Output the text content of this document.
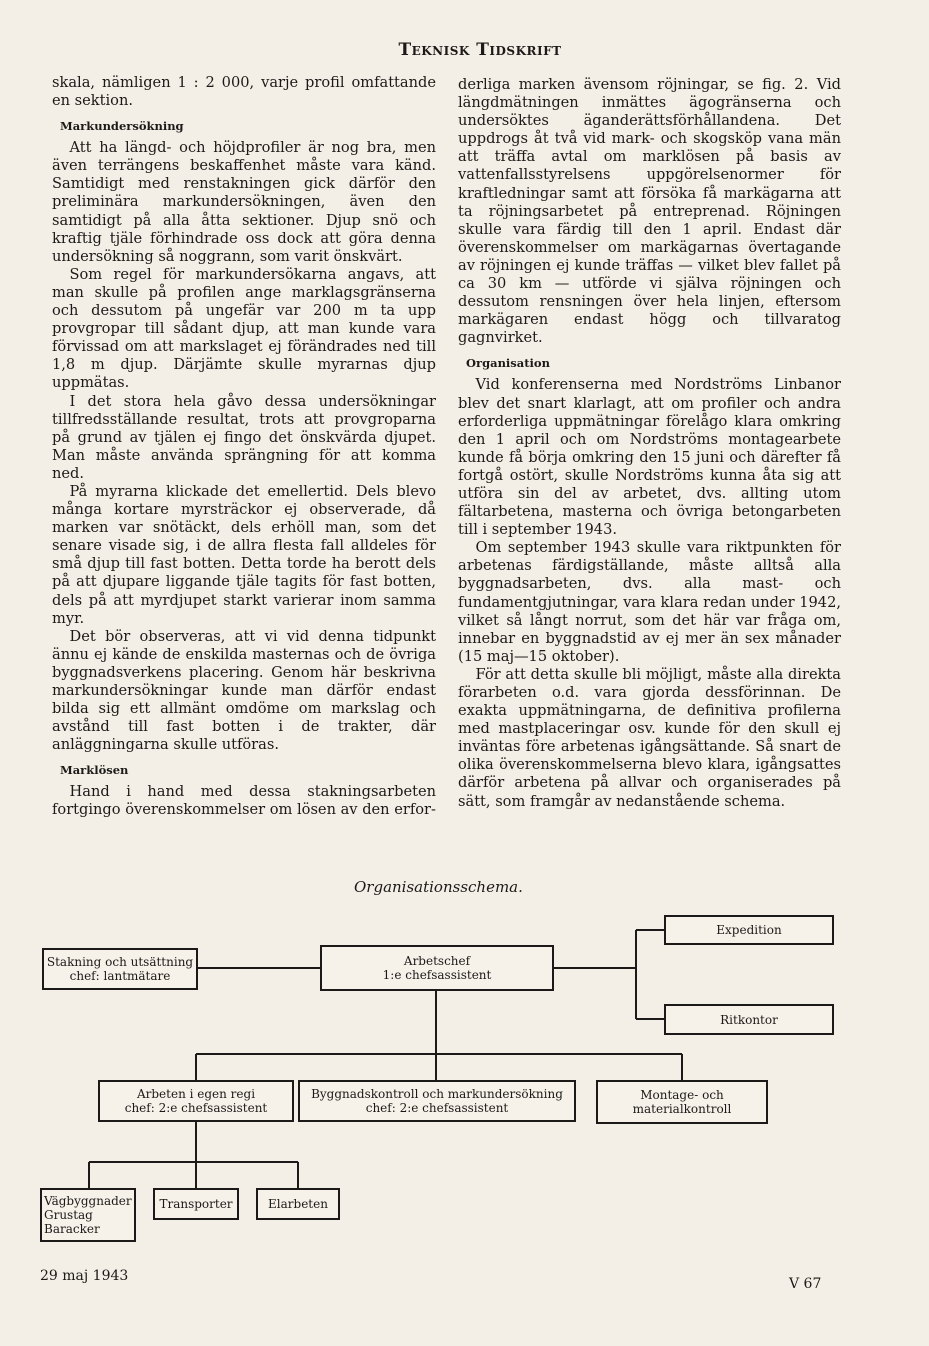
Teknisk Tidskrift

skala, nämligen 1 : 2 000, varje profil omfattande en sektion.

Markundersökning

Att ha längd- och höjdprofiler är nog bra, men även terrängens beskaffenhet måste vara känd. Samtidigt med renstakningen gick därför den preliminära markundersökningen, även den samtidigt på alla åtta sektioner. Djup snö och kraftig tjäle förhindrade oss dock att göra denna undersökning så noggrann, som varit önskvärt.

Som regel för markundersökarna angavs, att man skulle på profilen ange marklagsgränserna och dessutom på ungefär var 200 m ta upp provgropar till sådant djup, att man kunde vara förvissad om att markslaget ej förändrades ned till 1,8 m djup. Därjämte skulle myrarnas djup uppmätas.

I det stora hela gåvo dessa undersökningar tillfredsställande resultat, trots att provgroparna på grund av tjälen ej fingo det önskvärda djupet. Man måste använda sprängning för att komma ned.

På myrarna klickade det emellertid. Dels blevo många kortare myrsträckor ej observerade, då marken var snötäckt, dels erhöll man, som det senare visade sig, i de allra flesta fall alldeles för små djup till fast botten. Detta torde ha berott dels på att djupare liggande tjäle tagits för fast botten, dels på att myrdjupet starkt varierar inom samma myr.

Det bör observeras, att vi vid denna tidpunkt ännu ej kände de enskilda masternas och de övriga byggnadsverkens placering. Genom här beskrivna markundersökningar kunde man därför endast bilda sig ett allmänt omdöme om markslag och avstånd till fast botten i de trakter, där anläggningarna skulle utföras.

Marklösen

Hand i hand med dessa stakningsarbeten fortgingo överenskommelser om lösen av den erfor-

derliga marken ävensom röjningar, se fig. 2. Vid längdmätningen inmättes ägogränserna och undersöktes äganderättsförhållandena. Det uppdrogs åt två vid mark- och skogsköp vana män att träffa avtal om marklösen på basis av vattenfallsstyrelsens uppgörelsenormer för kraftledningar samt att försöka få markägarna att ta röjningsarbetet på entreprenad. Röjningen skulle vara färdig till den 1 april. Endast där överenskommelser om markägarnas övertagande av röjningen ej kunde träffas — vilket blev fallet på ca 30 km — utförde vi själva röjningen och dessutom rensningen över hela linjen, eftersom markägaren endast högg och tillvaratog gagnvirket.

Organisation

Vid konferenserna med Nordströms Linbanor blev det snart klarlagt, att om profiler och andra erforderliga uppmätningar förelågo klara omkring den 1 april och om Nordströms montagearbete kunde få börja omkring den 15 juni och därefter få fortgå ostört, skulle Nordströms kunna åta sig att utföra sin del av arbetet, dvs. allting utom fältarbetena, masterna och övriga betongarbeten till i september 1943.

Om september 1943 skulle vara riktpunkten för arbetenas färdigställande, måste alltså alla byggnadsarbeten, dvs. alla mast- och fundamentgjutningar, vara klara redan under 1942, vilket så långt norrut, som det här var fråga om, innebar en byggnadstid av ej mer än sex månader (15 maj—15 oktober).

För att detta skulle bli möjligt, måste alla direkta förarbeten o.d. vara gjorda dessförinnan. De exakta uppmätningarna, de definitiva profilerna med mastplaceringar osv. kunde för den skull ej inväntas före arbetenas igångsättande. Så snart de olika överenskommelserna blevo klara, igångsattes därför arbetena på allvar och organiserades på sätt, som framgår av nedanstående schema.

Organisationsschema.
Stakning och utsättning
chef: lantmätare
Arbetschef
1:e chefsassistent
Expedition
Ritkontor
Arbeten i egen regi
chef: 2:e chefsassistent
Byggnadskontroll och markundersökning
chef: 2:e chefsassistent
Montage- och
materialkontroll
Vägbyggnader
Grustag
Baracker
Transporter	Elarbeten
29 maj 1943	V 67
